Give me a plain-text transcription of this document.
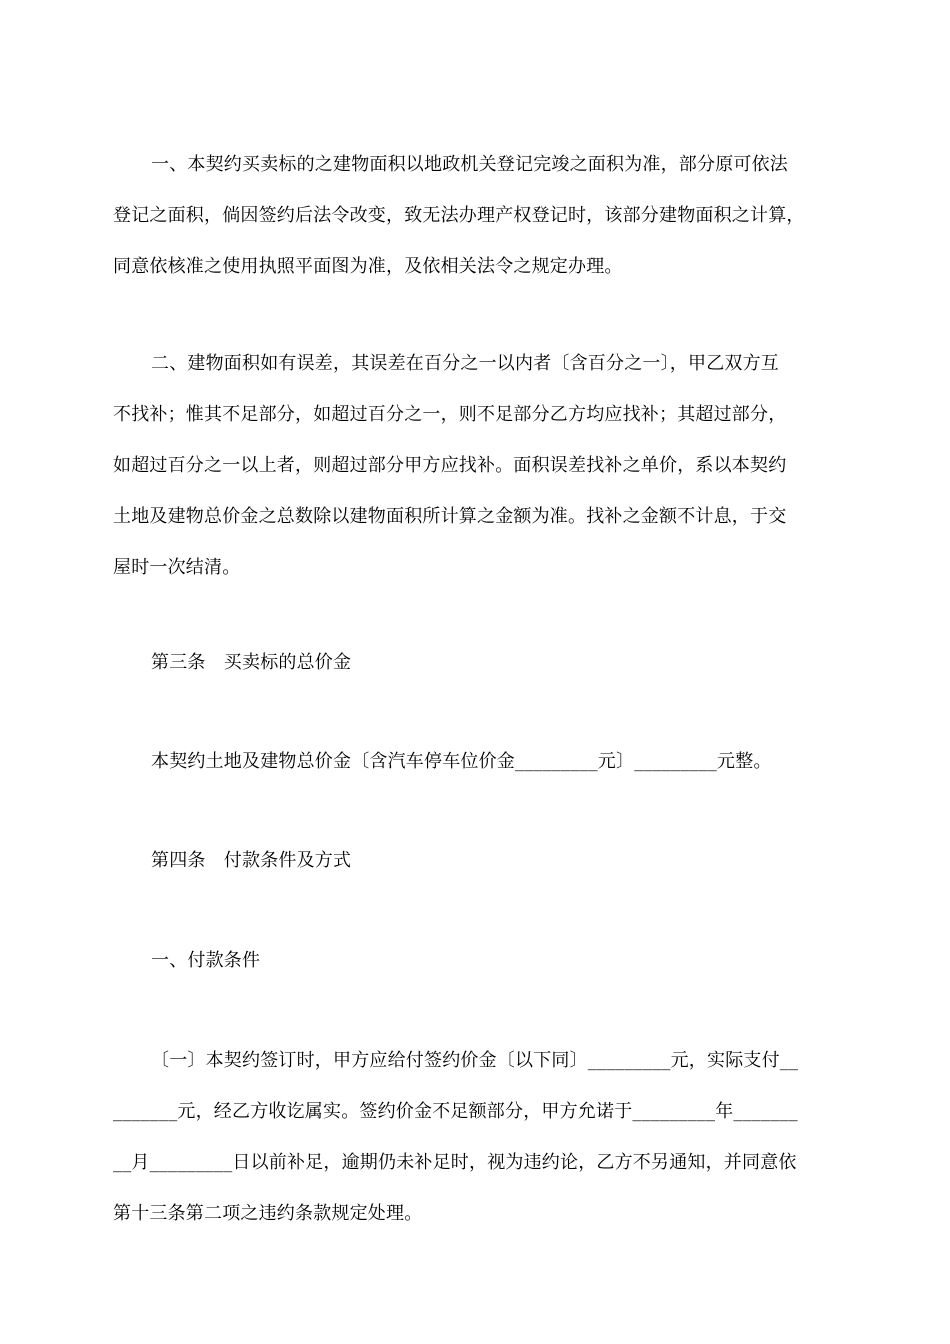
一、本契约买卖标的之建物面积以地政机关登记完竣之面积为准，部分原可依法
登记之面积，倘因签约后法令改变，致无法办理产权登记时，该部分建物面积之计算，
同意依核准之使用执照平面图为准，及依相关法令之规定办理。
二、建物面积如有误差，其误差在百分之一以内者〔含百分之一〕，甲乙双方互
不找补；惟其不足部分，如超过百分之一，则不足部分乙方均应找补；其超过部分，
如超过百分之一以上者，则超过部分甲方应找补。面积误差找补之单价，系以本契约
土地及建物总价金之总数除以建物面积所计算之金额为准。找补之金额不计息，于交
屋时一次结清。
第三条　买卖标的总价金
本契约土地及建物总价金〔含汽车停车位价金_________元〕_________元整。
第四条　付款条件及方式
一、付款条件
〔一〕本契约签订时，甲方应给付签约价金〔以下同〕_________元，实际支付__
_______元，经乙方收讫属实。签约价金不足额部分，甲方允诺于_________年_______
__月_________日以前补足，逾期仍未补足时，视为违约论，乙方不另通知，并同意依
第十三条第二项之违约条款规定处理。
